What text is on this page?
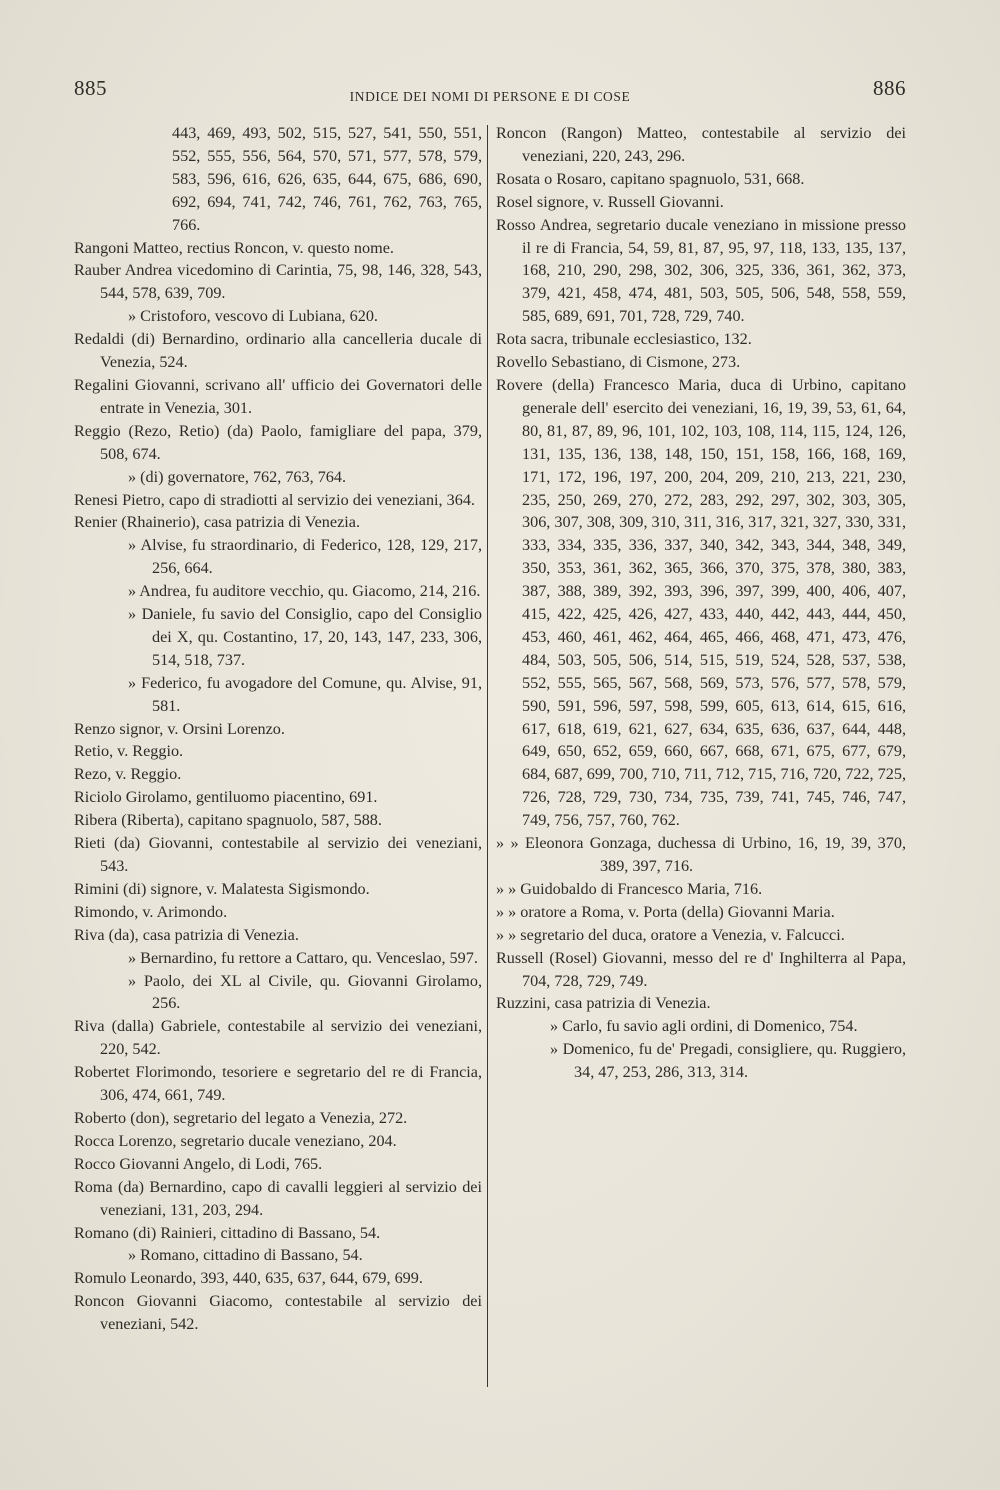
885	INDICE DEI NOMI DI PERSONE E DI COSE	886
443, 469, 493, 502, 515, 527, 541, 550, 551, 552, 555, 556, 564, 570, 571, 577, 578, 579, 583, 596, 616, 626, 635, 644, 675, 686, 690, 692, 694, 741, 742, 746, 761, 762, 763, 765, 766.
Rangoni Matteo, rectius Roncon, v. questo nome.
Rauber Andrea vicedomino di Carintia, 75, 98, 146, 328, 543, 544, 578, 639, 709.
» Cristoforo, vescovo di Lubiana, 620.
Redaldi (di) Bernardino, ordinario alla cancelleria ducale di Venezia, 524.
Regalini Giovanni, scrivano all' ufficio dei Governatori delle entrate in Venezia, 301.
Reggio (Rezo, Retio) (da) Paolo, famigliare del papa, 379, 508, 674.
» (di) governatore, 762, 763, 764.
Renesi Pietro, capo di stradiotti al servizio dei veneziani, 364.
Renier (Rhainerio), casa patrizia di Venezia.
» Alvise, fu straordinario, di Federico, 128, 129, 217, 256, 664.
» Andrea, fu auditore vecchio, qu. Giacomo, 214, 216.
» Daniele, fu savio del Consiglio, capo del Consiglio dei X, qu. Costantino, 17, 20, 143, 147, 233, 306, 514, 518, 737.
» Federico, fu avogadore del Comune, qu. Alvise, 91, 581.
Renzo signor, v. Orsini Lorenzo.
Retio, v. Reggio.
Rezo, v. Reggio.
Riciolo Girolamo, gentiluomo piacentino, 691.
Ribera (Riberta), capitano spagnuolo, 587, 588.
Rieti (da) Giovanni, contestabile al servizio dei veneziani, 543.
Rimini (di) signore, v. Malatesta Sigismondo.
Rimondo, v. Arimondo.
Riva (da), casa patrizia di Venezia.
» Bernardino, fu rettore a Cattaro, qu. Venceslao, 597.
» Paolo, dei XL al Civile, qu. Giovanni Girolamo, 256.
Riva (dalla) Gabriele, contestabile al servizio dei veneziani, 220, 542.
Robertet Florimondo, tesoriere e segretario del re di Francia, 306, 474, 661, 749.
Roberto (don), segretario del legato a Venezia, 272.
Rocca Lorenzo, segretario ducale veneziano, 204.
Rocco Giovanni Angelo, di Lodi, 765.
Roma (da) Bernardino, capo di cavalli leggieri al servizio dei veneziani, 131, 203, 294.
Romano (di) Rainieri, cittadino di Bassano, 54.
» Romano, cittadino di Bassano, 54.
Romulo Leonardo, 393, 440, 635, 637, 644, 679, 699.
Roncon Giovanni Giacomo, contestabile al servizio dei veneziani, 542.
Roncon (Rangon) Matteo, contestabile al servizio dei veneziani, 220, 243, 296.
Rosata o Rosaro, capitano spagnuolo, 531, 668.
Rosel signore, v. Russell Giovanni.
Rosso Andrea, segretario ducale veneziano in missione presso il re di Francia, 54, 59, 81, 87, 95, 97, 118, 133, 135, 137, 168, 210, 290, 298, 302, 306, 325, 336, 361, 362, 373, 379, 421, 458, 474, 481, 503, 505, 506, 548, 558, 559, 585, 689, 691, 701, 728, 729, 740.
Rota sacra, tribunale ecclesiastico, 132.
Rovello Sebastiano, di Cismone, 273.
Rovere (della) Francesco Maria, duca di Urbino, capitano generale dell' esercito dei veneziani, 16, 19, 39, 53, 61, 64, 80, 81, 87, 89, 96, 101, 102, 103, 108, 114, 115, 124, 126, 131, 135, 136, 138, 148, 150, 151, 158, 166, 168, 169, 171, 172, 196, 197, 200, 204, 209, 210, 213, 221, 230, 235, 250, 269, 270, 272, 283, 292, 297, 302, 303, 305, 306, 307, 308, 309, 310, 311, 316, 317, 321, 327, 330, 331, 333, 334, 335, 336, 337, 340, 342, 343, 344, 348, 349, 350, 353, 361, 362, 365, 366, 370, 375, 378, 380, 383, 387, 388, 389, 392, 393, 396, 397, 399, 400, 406, 407, 415, 422, 425, 426, 427, 433, 440, 442, 443, 444, 450, 453, 460, 461, 462, 464, 465, 466, 468, 471, 473, 476, 484, 503, 505, 506, 514, 515, 519, 524, 528, 537, 538, 552, 555, 565, 567, 568, 569, 573, 576, 577, 578, 579, 590, 591, 596, 597, 598, 599, 605, 613, 614, 615, 616, 617, 618, 619, 621, 627, 634, 635, 636, 637, 644, 448, 649, 650, 652, 659, 660, 667, 668, 671, 675, 677, 679, 684, 687, 699, 700, 710, 711, 712, 715, 716, 720, 722, 725, 726, 728, 729, 730, 734, 735, 739, 741, 745, 746, 747, 749, 756, 757, 760, 762.
» » Eleonora Gonzaga, duchessa di Urbino, 16, 19, 39, 370, 389, 397, 716.
» » Guidobaldo di Francesco Maria, 716.
» » oratore a Roma, v. Porta (della) Giovanni Maria.
» » segretario del duca, oratore a Venezia, v. Falcucci.
Russell (Rosel) Giovanni, messo del re d' Inghilterra al Papa, 704, 728, 729, 749.
Ruzzini, casa patrizia di Venezia.
» Carlo, fu savio agli ordini, di Domenico, 754.
» Domenico, fu de' Pregadi, consigliere, qu. Ruggiero, 34, 47, 253, 286, 313, 314.
